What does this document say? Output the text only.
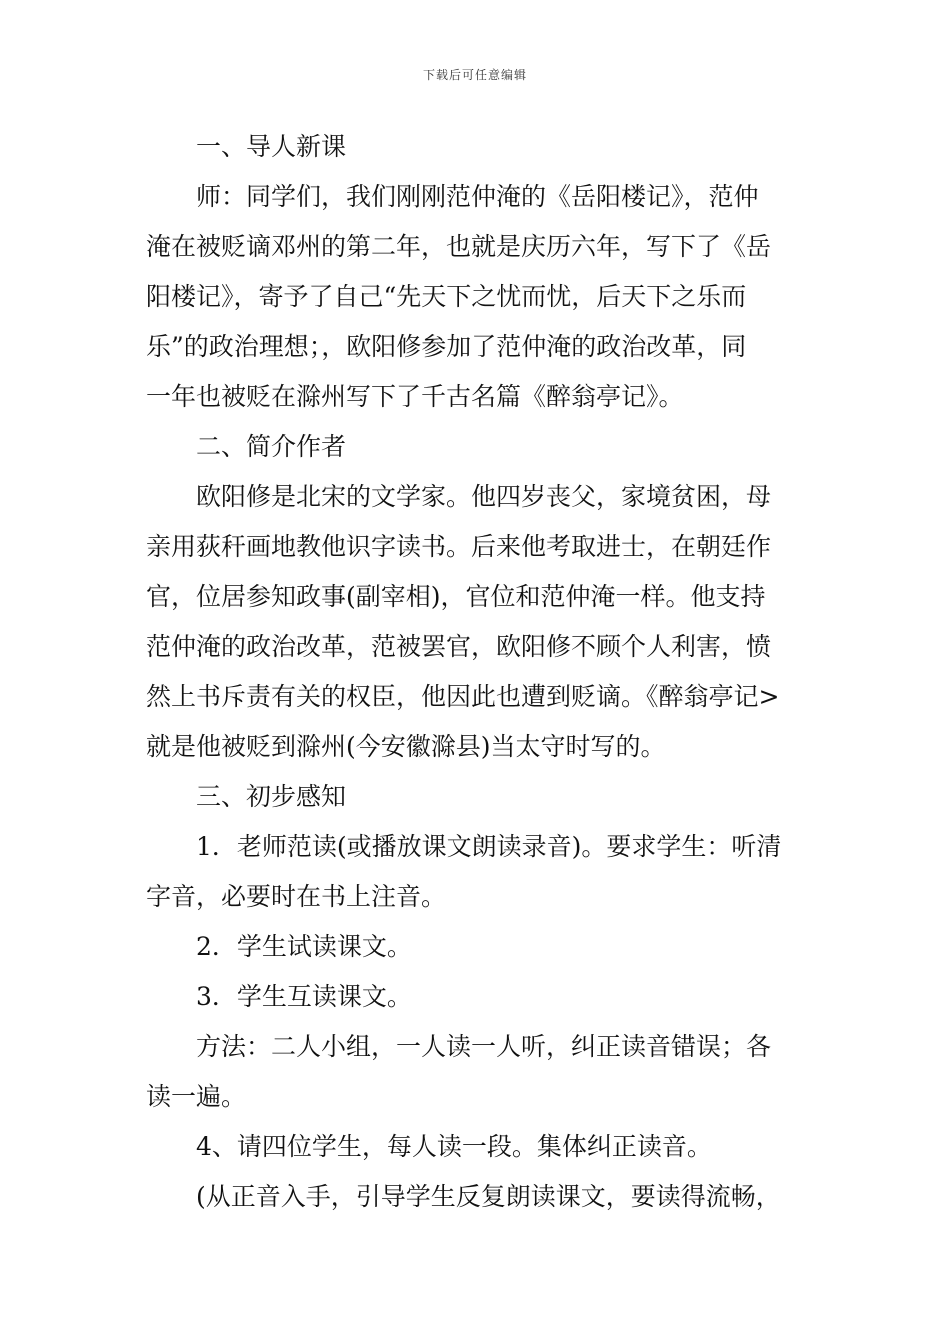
下载后可任意编辑
一、导人新课
师：同学们，我们刚刚范仲淹的《岳阳楼记》，范仲
淹在被贬谪邓州的第二年，也就是庆历六年，写下了《岳
阳楼记》，寄予了自己“先天下之忧而忧，后天下之乐而
乐”的政治理想；，欧阳修参加了范仲淹的政治改革，同
一年也被贬在滁州写下了千古名篇《醉翁亭记》。
二、简介作者
欧阳修是北宋的文学家。他四岁丧父，家境贫困，母
亲用荻秆画地教他识字读书。后来他考取进士，在朝廷作
官，位居参知政事(副宰相)，官位和范仲淹一样。他支持
范仲淹的政治改革，范被罢官，欧阳修不顾个人利害，愤
然上书斥责有关的权臣，他因此也遭到贬谪。《醉翁亭记>
就是他被贬到滁州(今安徽滁县)当太守时写的。
三、初步感知
1．老师范读(或播放课文朗读录音)。要求学生：听清
字音，必要时在书上注音。
2．学生试读课文。
3．学生互读课文。
方法：二人小组，一人读一人听，纠正读音错误；各
读一遍。
4、请四位学生，每人读一段。集体纠正读音。
(从正音入手，引导学生反复朗读课文，要读得流畅，
